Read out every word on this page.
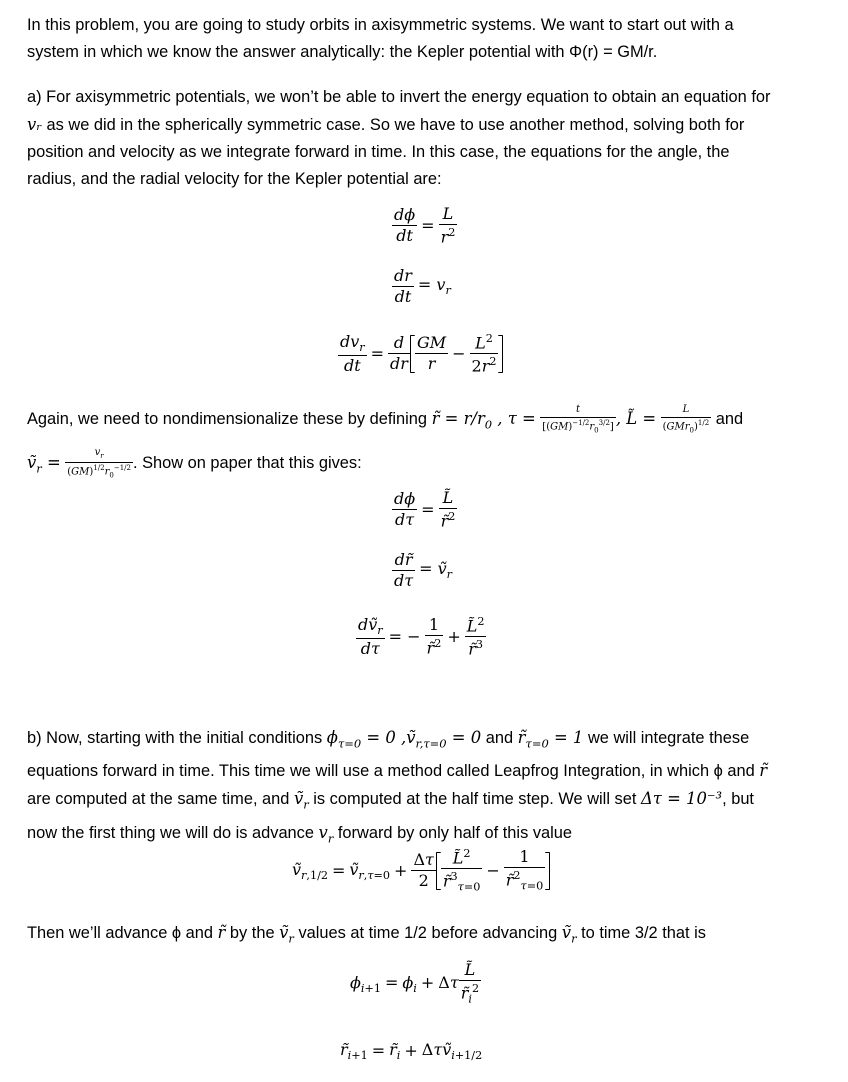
In this problem, you are going to study orbits in axisymmetric systems. We want to start out with a
system in which we know the answer analytically: the Kepler potential with Φ(r) = GM/r.
a) For axisymmetric potentials, we won’t be able to invert the energy equation to obtain an equation for
vᵣ as we did in the spherically symmetric case. So we have to use another method, solving both for
position and velocity as we integrate forward in time. In this case, the equations for the angle, the
radius, and the radial velocity for the Kepler potential are:
$\frac{d\phi}{dt} = \frac{L}{r^2}$
$\frac{dr}{dt} = v_r$
$\frac{dv_r}{dt} = \frac{d}{dr} \frac{GM}{r} - \frac{L^2}{2r^2}$
Again, we need to nondimensionalize these by defining r̃ = $r/r_0$ , $\tau = \frac{t}{[(GM)^{-1/2}r_0^{3/2}]}$ , L̃ = $\frac{L}{(GMr_0)^{1/2}}$ and
ṽ$_r$ = $\frac{v_r}{(GM)^{1/2}r_0^{-1/2}}$ . Show on paper that this gives:
$\frac{d\phi}{d\tau} = \frac{L̃}{r̃^2}$
$\frac{dr̃}{d\tau}$ = ṽ$_r$
$\frac{dṽ_r}{d\tau}$ = − $\frac{1}{r̃^2} + \frac{L̃^2}{r̃^3}$
b) Now, starting with the initial conditions $\phi_{\tau=0} = 0$ ,ṽ$_{r,\tau=0}$ = 0 and $r̃_{\tau=0} = 1$ we will integrate these
equations forward in time. This time we will use a method called Leapfrog Integration, in which ϕ and r̃
are computed at the same time, and ṽ$_r$ is computed at the half time step. We will set Δτ = 10⁻³, but
now the first thing we will do is advance $v_r$ forward by only half of this value
ṽ$_{r,1/2}$ = ṽ$_{r,\tau=0}$ + $\frac{\Delta\tau}{2} \frac{L̃^2}{r̃^3_{\tau=0}} - \frac{1}{r̃^2_{\tau=0}}$
Then we’ll advance ϕ and r̃ by the ṽ$_r$ values at time 1/2 before advancing ṽ$_r$ to time 3/2 that is
$\phi_{i+1} = \phi_i + \Delta\tau \frac{L̃}{r̃_i^2}$
$r̃_{i+1}$ = $r̃_i$ + Δτṽ$_{i+1/2}$
